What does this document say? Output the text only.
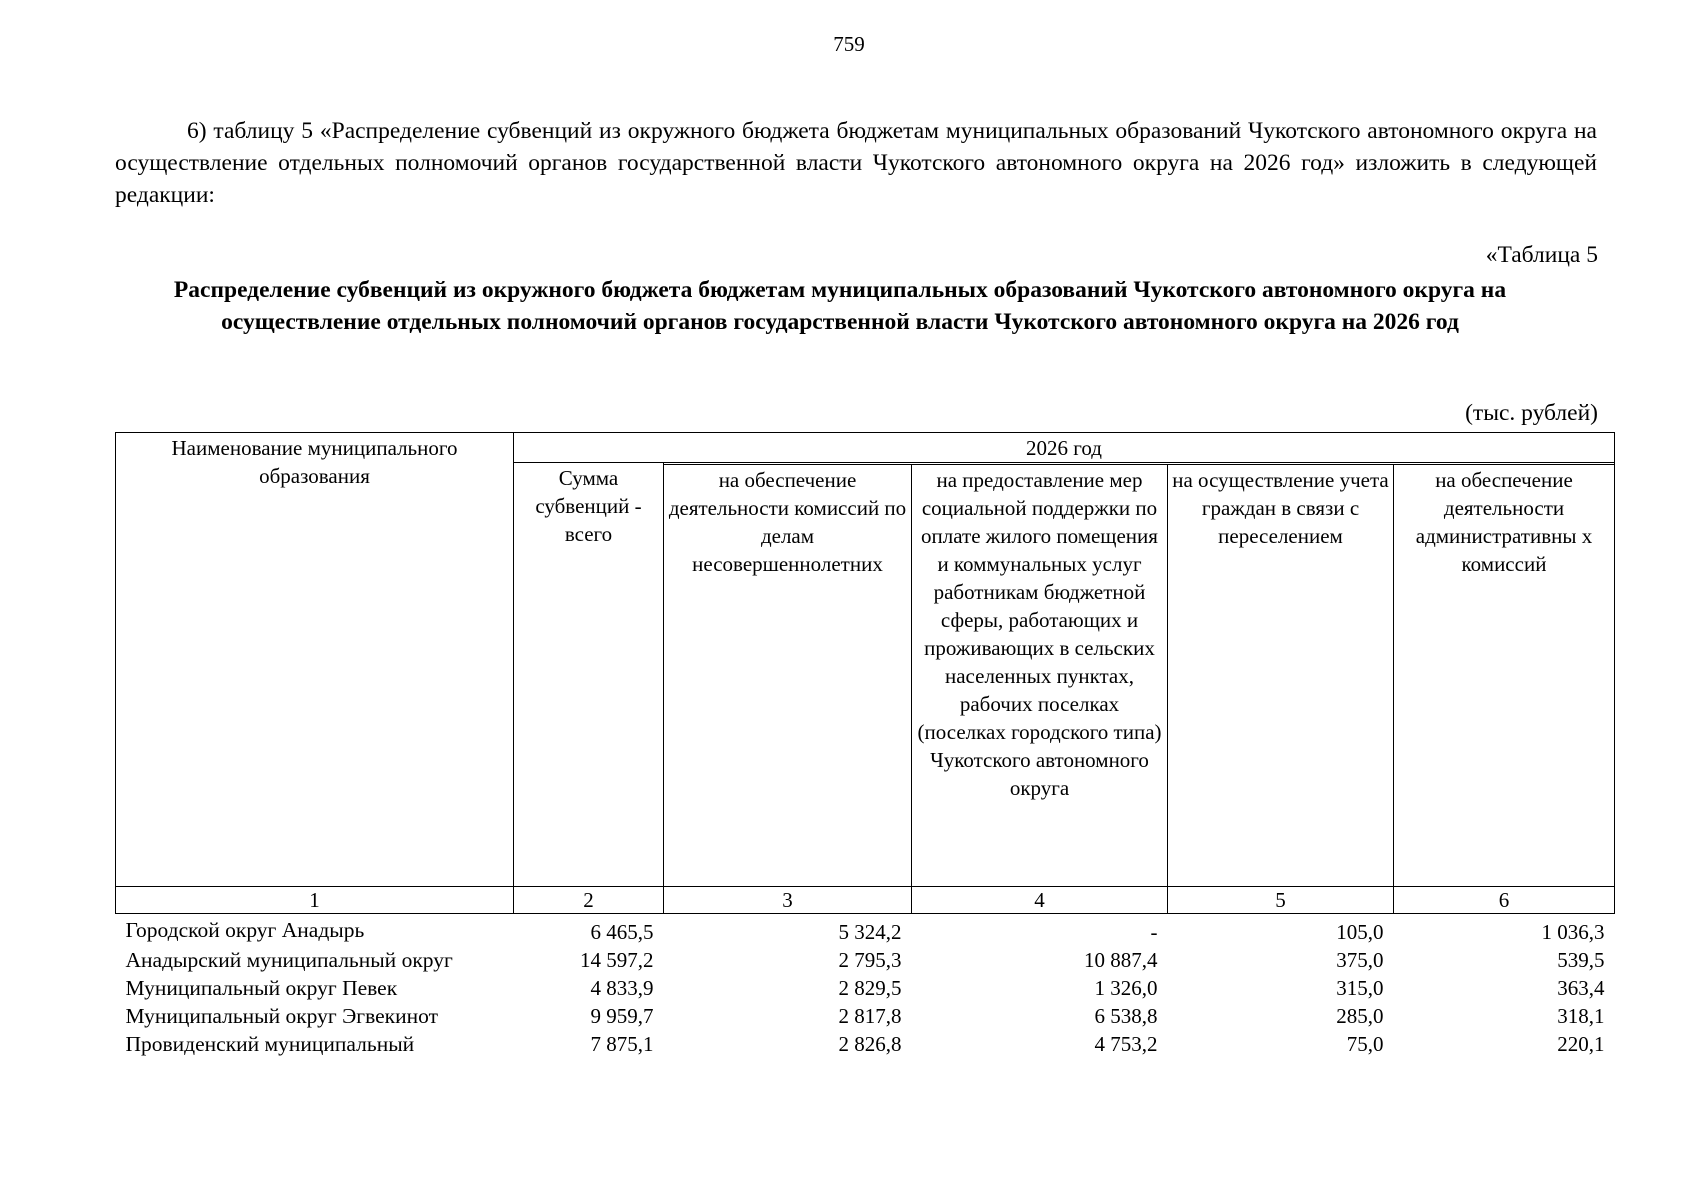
759

6) таблицу 5 «Распределение субвенций из окружного бюджета бюджетам муниципальных образований Чукотского автономного округа на осуществление отдельных полномочий органов государственной власти Чукотского автономного округа на 2026 год» изложить в следующей редакции:

«Таблица 5

Распределение субвенций из окружного бюджета бюджетам муниципальных образований Чукотского автономного округа на осуществление отдельных полномочий органов государственной власти Чукотского автономного округа на 2026 год

(тыс. рублей)
Наименование муниципального образования	2026 год				
	Сумма субвенций - всего				
		на обеспечение деятельности комиссий по делам несовершеннолетних	на предоставление мер социальной поддержки по оплате жилого помещения и коммунальных услуг работникам бюджетной сферы, работающих и проживающих в сельских населенных пунктах, рабочих поселках (поселках городского типа) Чукотского автономного округа	на осуществление учета граждан в связи с переселением	на обеспечение деятельности административны х комиссий
1	2	3	4	5	6
Городской округ Анадырь	6 465,5	5 324,2	-	105,0	1 036,3
Анадырский муниципальный округ	14 597,2	2 795,3	10 887,4	375,0	539,5
Муниципальный округ Певек	4 833,9	2 829,5	1 326,0	315,0	363,4
Муниципальный округ Эгвекинот	9 959,7	2 817,8	6 538,8	285,0	318,1
Провиденский муниципальный	7 875,1	2 826,8	4 753,2	75,0	220,1
